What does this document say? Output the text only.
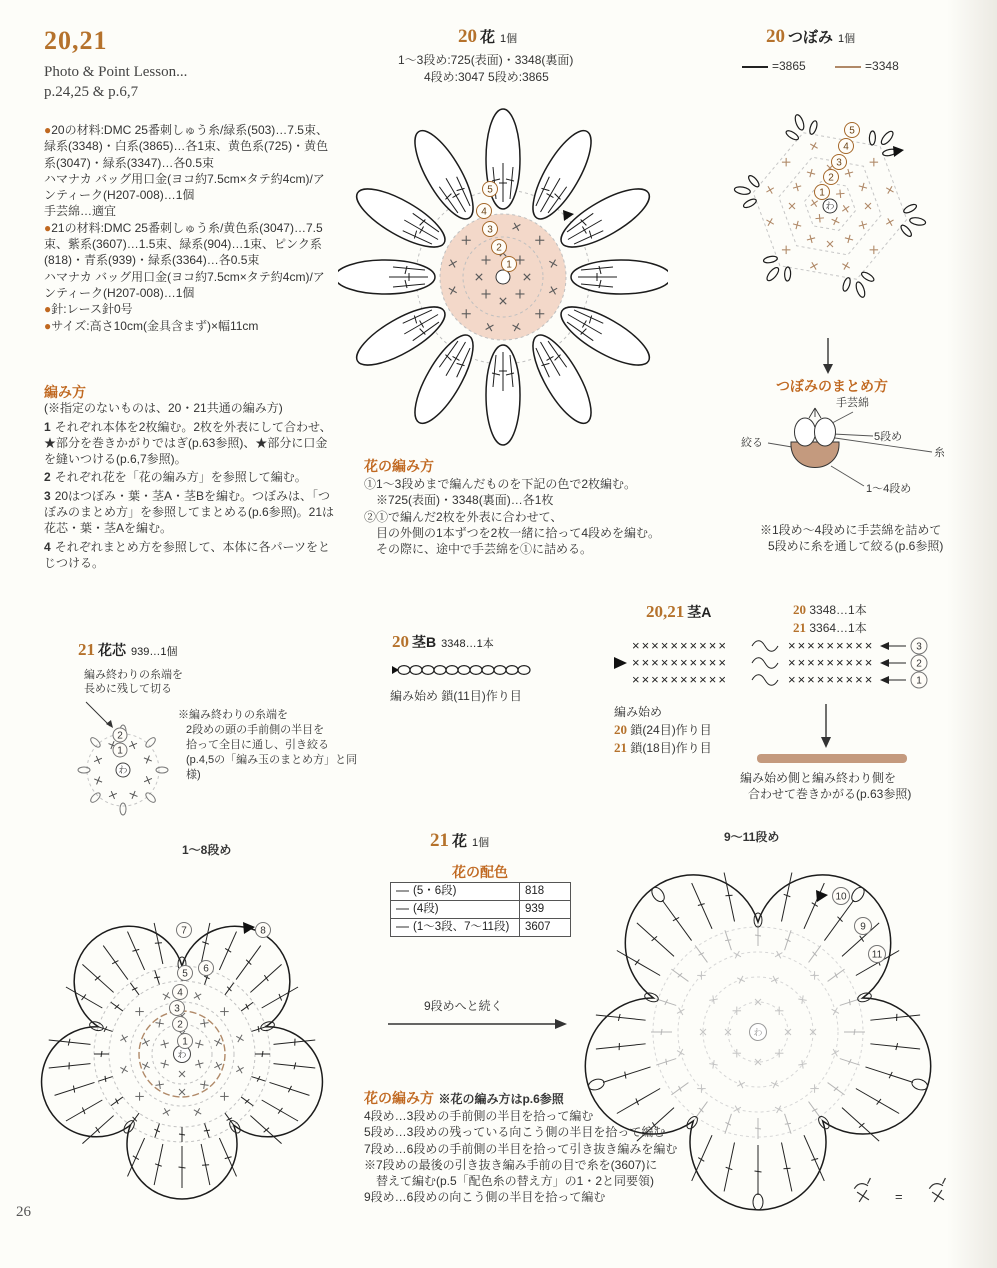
20,21
Photo & Point Lesson...
p.24,25 & p.6,7
●20の材料:DMC 25番刺しゅう糸/緑系(503)…7.5束、緑系(3348)・白系(3865)…各1束、黄色系(725)・黄色系(3047)・緑系(3347)…各0.5束
ハマナカ バッグ用口金(ヨコ約7.5cm×タテ約4cm)/アンティーク(H207-008)…1個
手芸綿…適宜
●21の材料:DMC 25番刺しゅう糸/黄色系(3047)…7.5束、紫系(3607)…1.5束、緑系(904)…1束、ピンク系(818)・青系(939)・緑系(3364)…各0.5束
ハマナカ バッグ用口金(ヨコ約7.5cm×タテ約4cm)/アンティーク(H207-008)…1個
●針:レース針0号
●サイズ:高さ10cm(金具含まず)×幅11cm
編み方
(※指定のないものは、20・21共通の編み方)
1 それぞれ本体を2枚編む。2枚を外表にして合わせ、★部分を巻きかがりではぎ(p.63参照)、★部分に口金を縫いつける(p.6,7参照)。
2 それぞれ花を「花の編み方」を参照して編む。
3 20はつぼみ・葉・茎A・茎Bを編む。つぼみは、「つぼみのまとめ方」を参照してまとめる(p.6参照)。21は花芯・葉・茎Aを編む。
4 それぞれまとめ方を参照して、本体に各パーツをとじつける。
20 花 1個
1〜3段め:725(表面)・3348(裏面)
4段め:3047 5段め:3865
5
4
3
2
1
花の編み方
①1〜3段めまで編んだものを下記の色で2枚編む。
※725(表面)・3348(裏面)…各1枚
②①で編んだ2枚を外表に合わせて、
目の外側の1本ずつを2枚一緒に拾って4段めを編む。
その際に、途中で手芸綿を①に詰める。
20 つぼみ 1個
=3865	=3348
わ
5
4
3
2
1
つぼみのまとめ方
手芸綿
絞る	5段め
糸
1〜4段め
※1段め〜4段めに手芸綿を詰めて
5段めに糸を通して絞る(p.6参照)
21 花芯 939…1個
編み終わりの糸端を
長めに残して切る
わ
2
1
※編み終わりの糸端を
2段めの頭の手前側の半目を
拾って全目に通し、引き絞る
(p.4,5の「編み玉のまとめ方」と同様)
20 茎B 3348…1本
編み始め 鎖(11目)作り目
20,21 茎A	20 3348…1本
21 3364…1本
××××××××××
××××××××××
××××××××××
×××××××××
×××××××××
×××××××××
3
2
1
編み始め
20 鎖(24目)作り目
21 鎖(18目)作り目
編み始め側と編み終わり側を
合わせて巻きかがる(p.63参照)
1〜8段め	21 花 1個
花の配色
(5・6段)	818
(4段)	939
(1〜3段、7〜11段)	3607
9段めへと続く
9〜11段め
わ
1
2
3
4
5 6
7	8
わ
10
9
11
花の編み方 ※花の編み方はp.6参照
4段め…3段めの手前側の半目を拾って編む
5段め…3段めの残っている向こう側の半目を拾って編む
7段め…6段めの手前側の半目を拾って引き抜き編みを編む
※7段めの最後の引き抜き編み手前の目で糸を(3607)に
替えて編む(p.5「配色糸の替え方」の1・2と同要領)
9段め…6段めの向こう側の半目を拾って編む	=
26
